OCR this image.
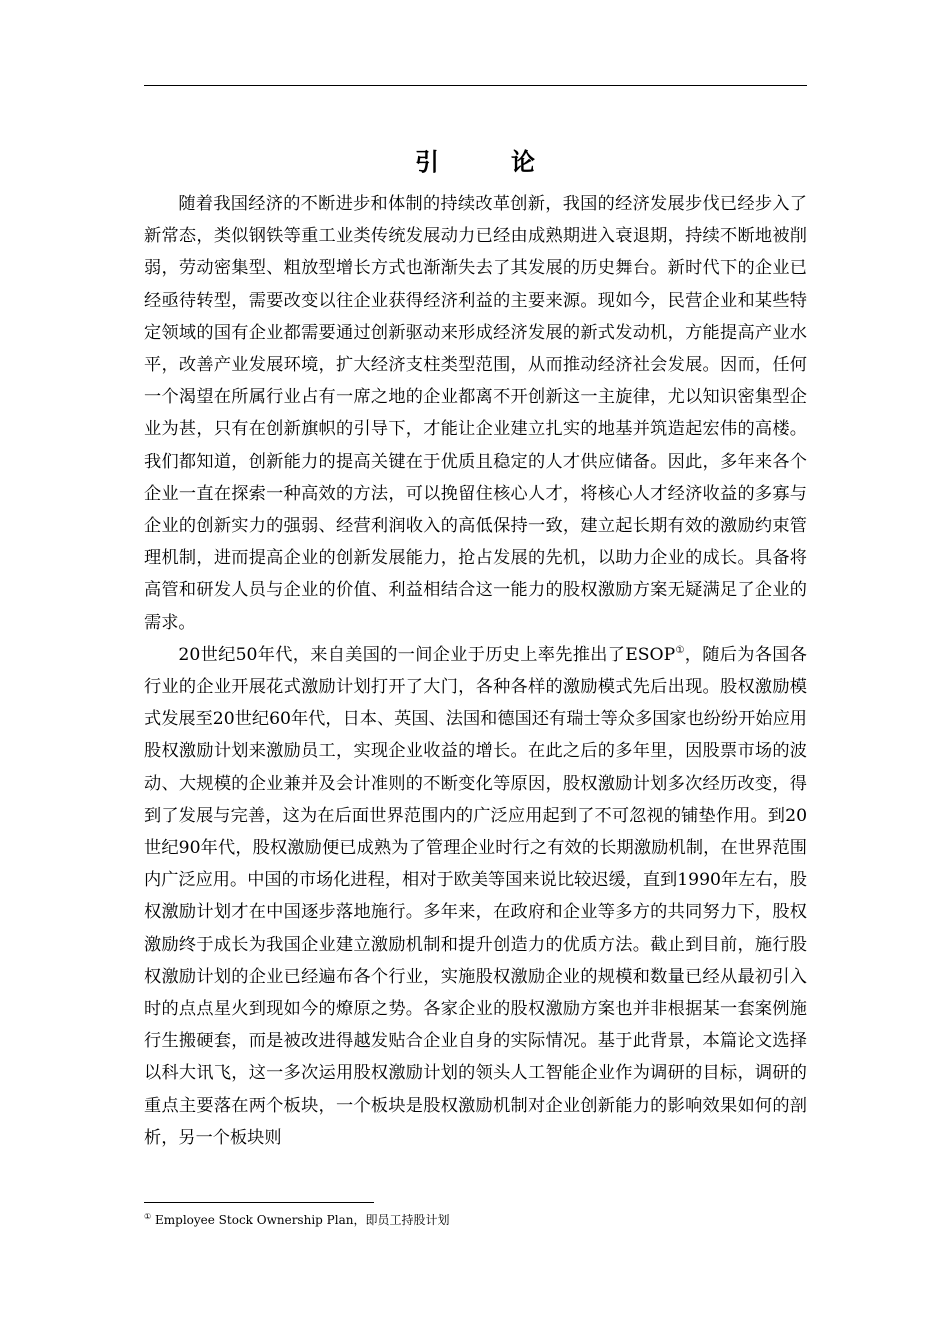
引　论

随着我国经济的不断进步和体制的持续改革创新，我国的经济发展步伐已经步入了新常态，类似钢铁等重工业类传统发展动力已经由成熟期进入衰退期，持续不断地被削弱，劳动密集型、粗放型增长方式也渐渐失去了其发展的历史舞台。新时代下的企业已经亟待转型，需要改变以往企业获得经济利益的主要来源。现如今，民营企业和某些特定领域的国有企业都需要通过创新驱动来形成经济发展的新式发动机，方能提高产业水平，改善产业发展环境，扩大经济支柱类型范围，从而推动经济社会发展。因而，任何一个渴望在所属行业占有一席之地的企业都离不开创新这一主旋律，尤以知识密集型企业为甚，只有在创新旗帜的引导下，才能让企业建立扎实的地基并筑造起宏伟的高楼。我们都知道，创新能力的提高关键在于优质且稳定的人才供应储备。因此，多年来各个企业一直在探索一种高效的方法，可以挽留住核心人才，将核心人才经济收益的多寡与企业的创新实力的强弱、经营利润收入的高低保持一致，建立起长期有效的激励约束管理机制，进而提高企业的创新发展能力，抢占发展的先机，以助力企业的成长。具备将高管和研发人员与企业的价值、利益相结合这一能力的股权激励方案无疑满足了企业的需求。

20世纪50年代，来自美国的一间企业于历史上率先推出了ESOP①，随后为各国各行业的企业开展花式激励计划打开了大门，各种各样的激励模式先后出现。股权激励模式发展至20世纪60年代，日本、英国、法国和德国还有瑞士等众多国家也纷纷开始应用股权激励计划来激励员工，实现企业收益的增长。在此之后的多年里，因股票市场的波动、大规模的企业兼并及会计准则的不断变化等原因，股权激励计划多次经历改变，得到了发展与完善，这为在后面世界范围内的广泛应用起到了不可忽视的铺垫作用。到20世纪90年代，股权激励便已成熟为了管理企业时行之有效的长期激励机制，在世界范围内广泛应用。中国的市场化进程，相对于欧美等国来说比较迟缓，直到1990年左右，股权激励计划才在中国逐步落地施行。多年来，在政府和企业等多方的共同努力下，股权激励终于成长为我国企业建立激励机制和提升创造力的优质方法。截止到目前，施行股权激励计划的企业已经遍布各个行业，实施股权激励企业的规模和数量已经从最初引入时的点点星火到现如今的燎原之势。各家企业的股权激励方案也并非根据某一套案例施行生搬硬套，而是被改进得越发贴合企业自身的实际情况。基于此背景，本篇论文选择以科大讯飞，这一多次运用股权激励计划的领头人工智能企业作为调研的目标，调研的重点主要落在两个板块，一个板块是股权激励机制对企业创新能力的影响效果如何的剖析，另一个板块则

① Employee Stock Ownership Plan，即员工持股计划
